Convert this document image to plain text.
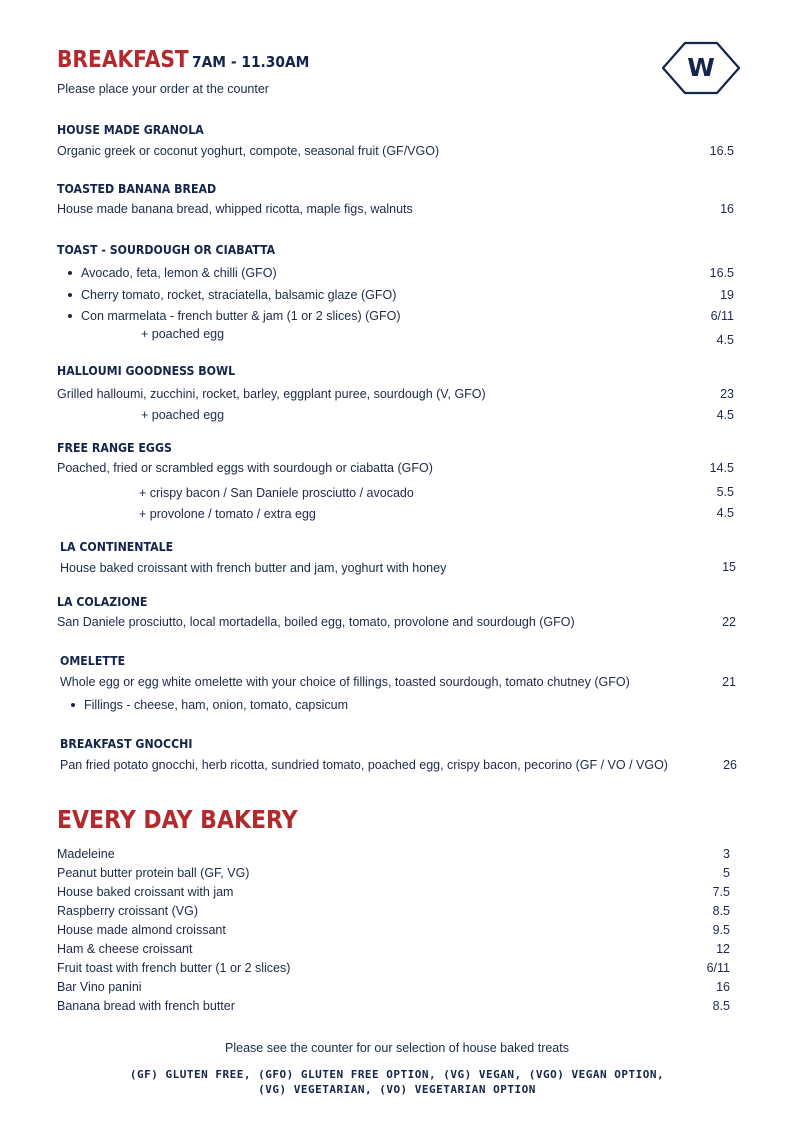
BREAKFAST 7AM - 11.30AM
Please place your order at the counter
W
HOUSE MADE GRANOLA
Organic greek or coconut yoghurt, compote, seasonal fruit (GF/VGO)	16.5
TOASTED BANANA BREAD
House made banana bread, whipped ricotta, maple figs, walnuts	16
TOAST - SOURDOUGH OR CIABATTA
Avocado, feta, lemon & chilli (GFO)	16.5
Cherry tomato, rocket, straciatella, balsamic glaze (GFO)	19
Con marmelata - french butter & jam (1 or 2 slices) (GFO)	6/11
+ poached egg	4.5
HALLOUMI GOODNESS BOWL
Grilled halloumi, zucchini, rocket, barley, eggplant puree, sourdough (V, GFO)	23
+ poached egg	4.5
FREE RANGE EGGS
Poached, fried or scrambled eggs with sourdough or ciabatta (GFO)	14.5
+ crispy bacon / San Daniele prosciutto / avocado	5.5
+ provolone / tomato / extra egg	4.5
LA CONTINENTALE
House baked croissant with french butter and jam, yoghurt with honey	15
LA COLAZIONE
San Daniele prosciutto, local mortadella, boiled egg, tomato, provolone and sourdough (GFO)	22
OMELETTE
Whole egg or egg white omelette with your choice of fillings, toasted sourdough, tomato chutney (GFO)	21
Fillings - cheese, ham, onion, tomato, capsicum
BREAKFAST GNOCCHI
Pan fried potato gnocchi, herb ricotta, sundried tomato, poached egg, crispy bacon, pecorino (GF / VO / VGO)	26
EVERY DAY BAKERY
Madeleine	3
Peanut butter protein ball (GF, VG)	5
House baked croissant with jam	7.5
Raspberry croissant (VG)	8.5
House made almond croissant	9.5
Ham & cheese croissant	12
Fruit toast with french butter (1 or 2 slices)	6/11
Bar Vino panini	16
Banana bread with french butter	8.5
Please see the counter for our selection of house baked treats
(GF) GLUTEN FREE, (GFO) GLUTEN FREE OPTION, (VG) VEGAN, (VGO) VEGAN OPTION,
(VG) VEGETARIAN, (VO) VEGETARIAN OPTION
